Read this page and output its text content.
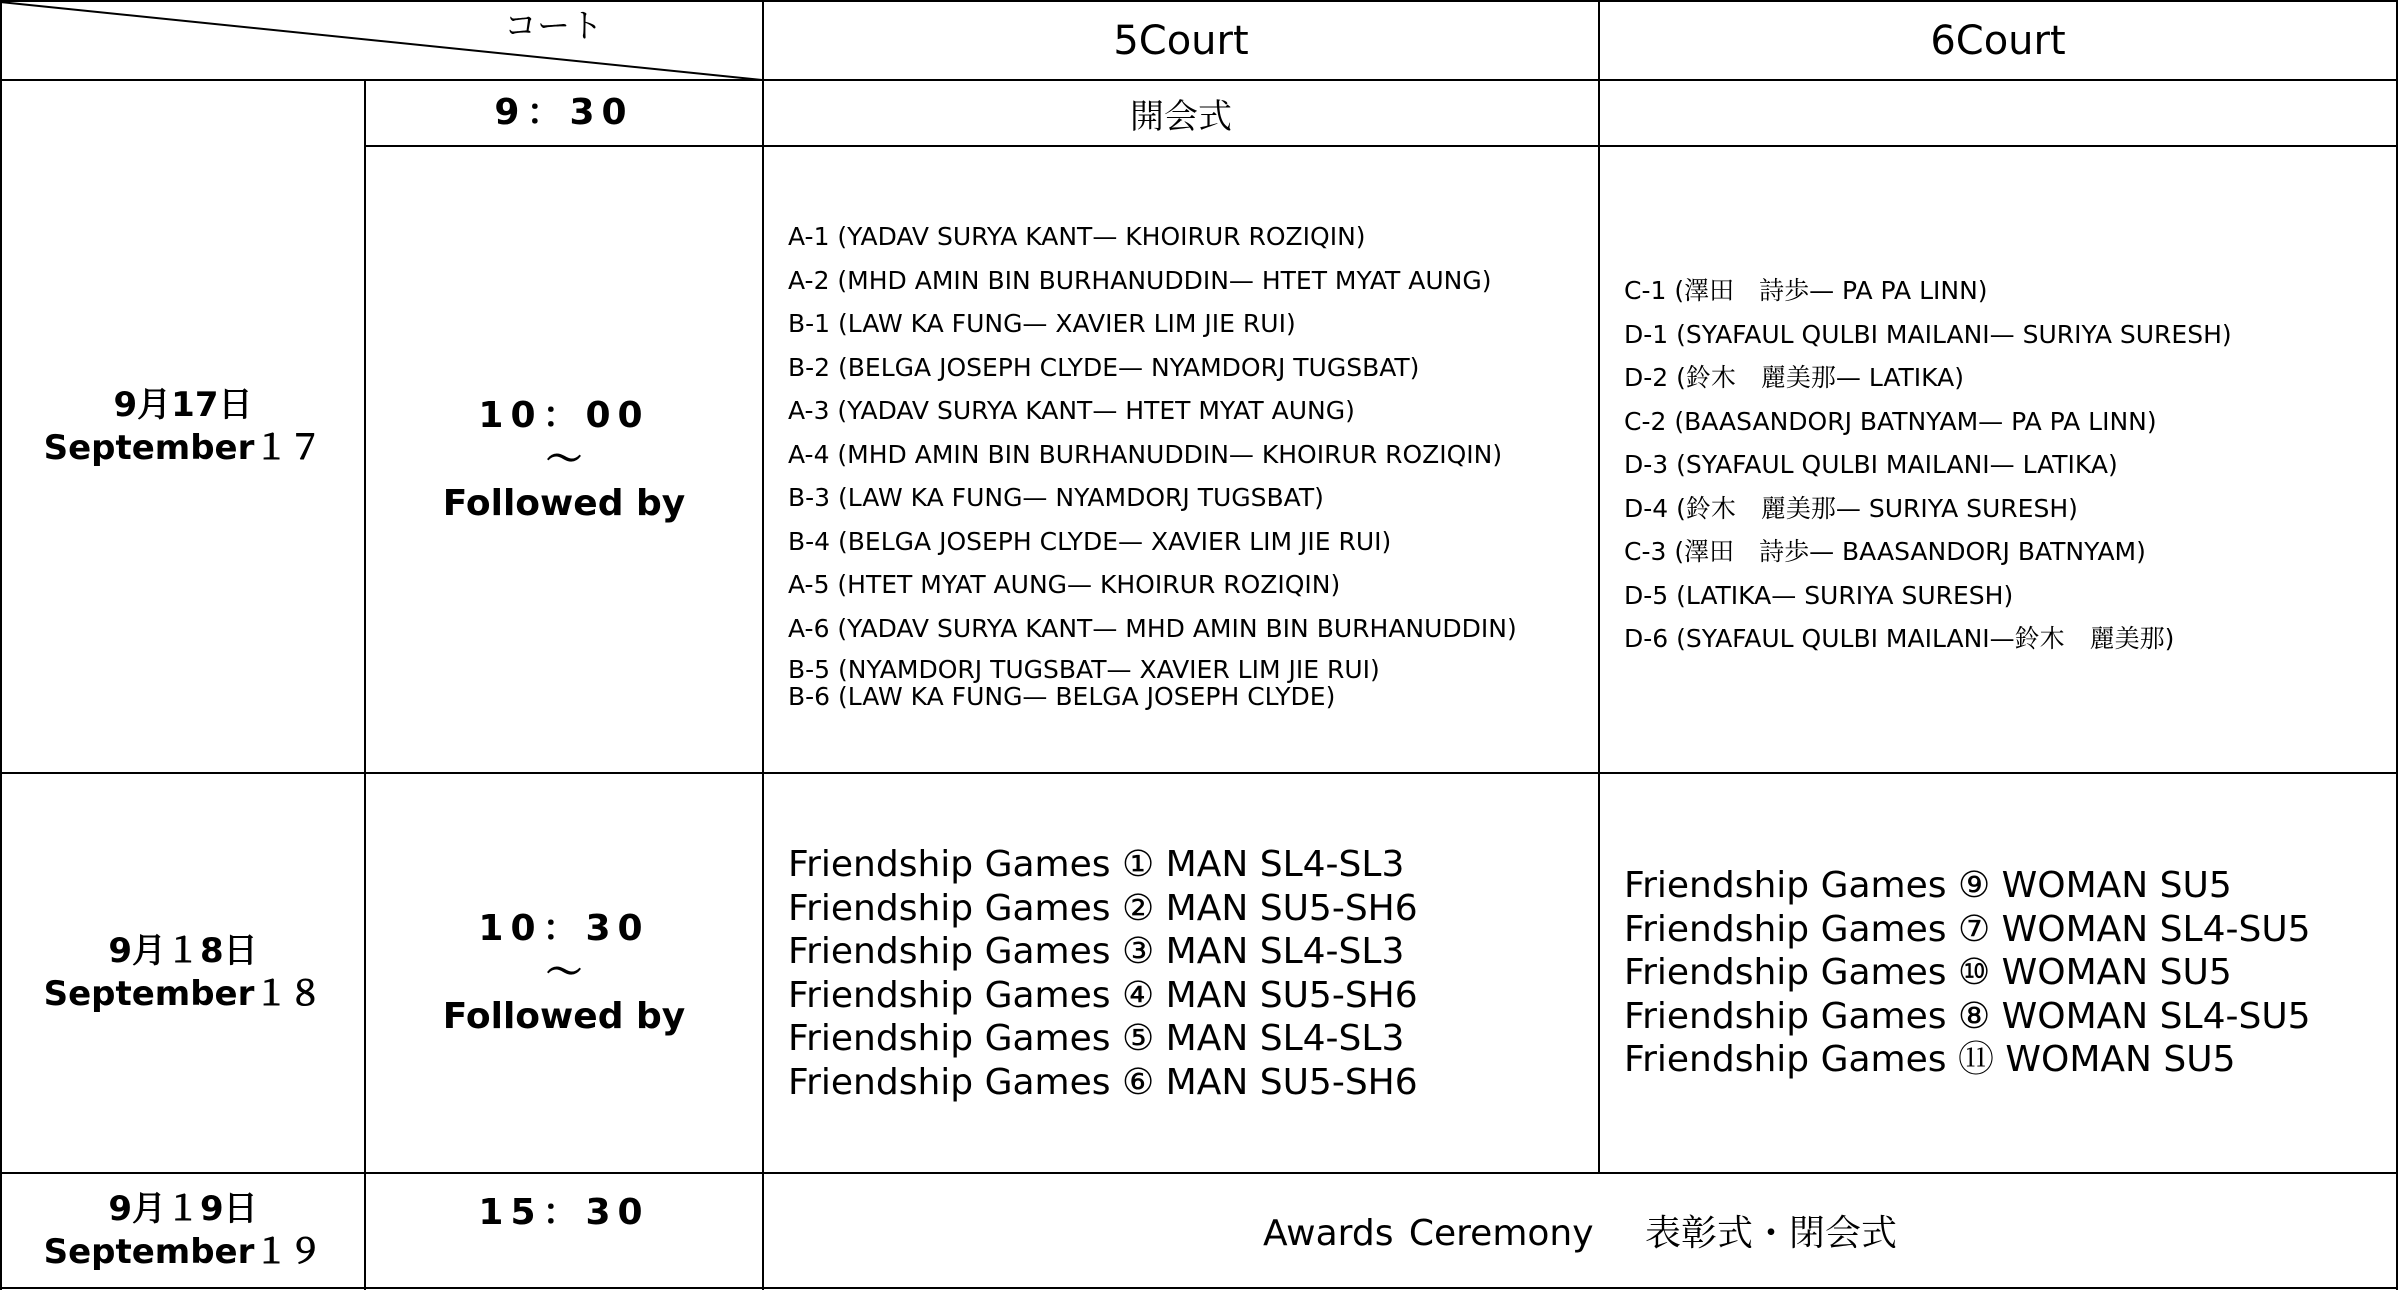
コート	5Court	6Court
9月17日
September１７
9月１8日
September１８
9月１9日
September１９
9：30
10：00
〜
Followed by
10：30
〜
Followed by
15：30
開会式
A-1 (YADAV SURYA KANT— KHOIRUR ROZIQIN)
A-2 (MHD AMIN BIN BURHANUDDIN— HTET MYAT AUNG)
B-1 (LAW KA FUNG— XAVIER LIM JIE RUI)
B-2 (BELGA JOSEPH CLYDE— NYAMDORJ TUGSBAT)
A-3 (YADAV SURYA KANT— HTET MYAT AUNG)
A-4 (MHD AMIN BIN BURHANUDDIN— KHOIRUR ROZIQIN)
B-3 (LAW KA FUNG— NYAMDORJ TUGSBAT)
B-4 (BELGA JOSEPH CLYDE— XAVIER LIM JIE RUI)
A-5 (HTET MYAT AUNG— KHOIRUR ROZIQIN)
A-6 (YADAV SURYA KANT— MHD AMIN BIN BURHANUDDIN)
B-5 (NYAMDORJ TUGSBAT— XAVIER LIM JIE RUI)
B-6 (LAW KA FUNG— BELGA JOSEPH CLYDE)
C-1 (澤田　詩歩— PA PA LINN)
D-1 (SYAFAUL QULBI MAILANI— SURIYA SURESH)
D-2 (鈴木　麗美那— LATIKA)
C-2 (BAASANDORJ BATNYAM— PA PA LINN)
D-3 (SYAFAUL QULBI MAILANI— LATIKA)
D-4 (鈴木　麗美那— SURIYA SURESH)
C-3 (澤田　詩歩— BAASANDORJ BATNYAM)
D-5 (LATIKA— SURIYA SURESH)
D-6 (SYAFAUL QULBI MAILANI—鈴木　麗美那)
Friendship Games ① MAN SL4-SL3
Friendship Games ② MAN SU5-SH6
Friendship Games ③ MAN SL4-SL3
Friendship Games ④ MAN SU5-SH6
Friendship Games ⑤ MAN SL4-SL3
Friendship Games ⑥ MAN SU5-SH6
Friendship Games ⑨ WOMAN SU5
Friendship Games ⑦ WOMAN SL4-SU5
Friendship Games ⑩ WOMAN SU5
Friendship Games ⑧ WOMAN SL4-SU5
Friendship Games ⑪ WOMAN SU5
Awards Ceremony　 表彰式・閉会式
